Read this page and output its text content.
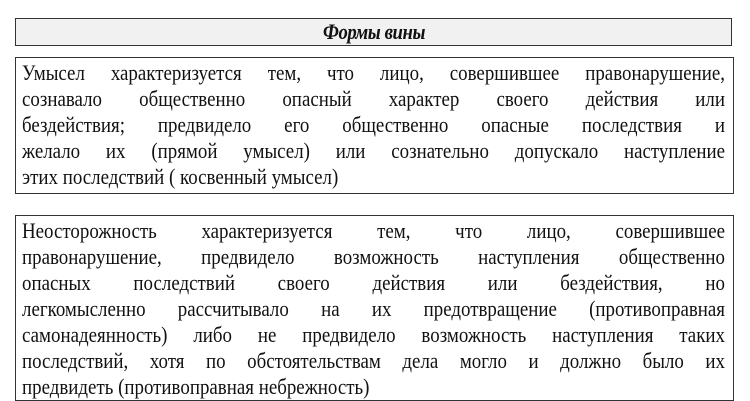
Формы вины
Умысел характеризуется тем, что лицо, совершившее правонарушение,
сознавало общественно опасный характер своего действия или
бездействия; предвидело его общественно опасные последствия и
желало их (прямой умысел) или сознательно допускало наступление
этих последствий ( косвенный умысел)
Неосторожность характеризуется тем, что лицо, совершившее
правонарушение, предвидело возможность наступления общественно
опасных последствий своего действия или бездействия, но
легкомысленно рассчитывало на их предотвращение (противоправная
самонадеянность) либо не предвидело возможность наступления таких
последствий, хотя по обстоятельствам дела могло и должно было их
предвидеть (противоправная небрежность)
